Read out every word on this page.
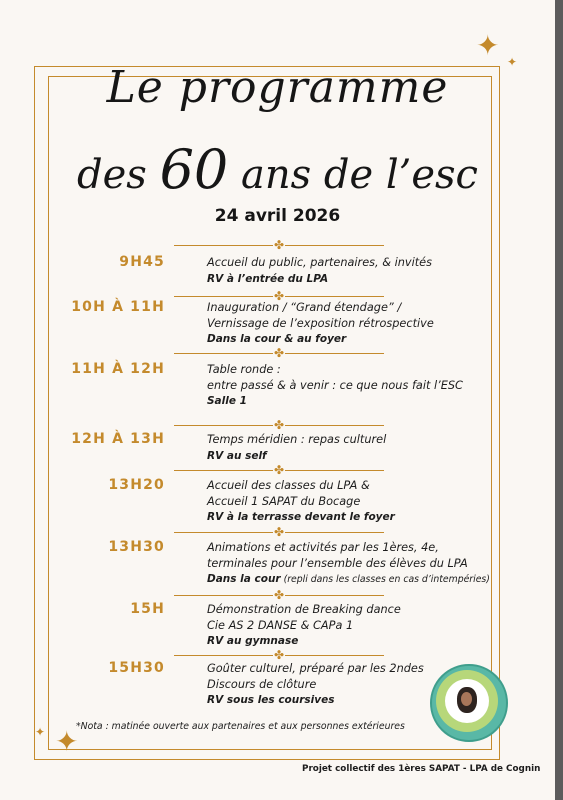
✦ ✦
✦
✦
Le programme
des 60 ans de l’esc
24 avril 2026
✤
✤
✤
✤
✤
✤
✤
✤
9H45	Accueil du public, partenaires, & invités
RV à l’entrée du LPA
10H À 11H	Inauguration / “Grand étendage” /
Vernissage de l’exposition rétrospective
Dans la cour & au foyer
11H À 12H	Table ronde :
entre passé & à venir : ce que nous fait l’ESC
Salle 1
12H À 13H	Temps méridien : repas culturel
RV au self
13H20	Accueil des classes du LPA &
Accueil 1 SAPAT du Bocage
RV à la terrasse devant le foyer
13H30	Animations et activités par les 1ères, 4e,
terminales pour l’ensemble des élèves du LPA
Dans la cour (repli dans les classes en cas d’intempéries)
15H	Démonstration de Breaking dance
Cie AS 2 DANSE & CAPa 1
RV au gymnase
15H30	Goûter culturel, préparé par les 2ndes
Discours de clôture
RV sous les coursives
*Nota : matinée ouverte aux partenaires et aux personnes extérieures
Projet collectif des 1ères SAPAT - LPA de Cognin
